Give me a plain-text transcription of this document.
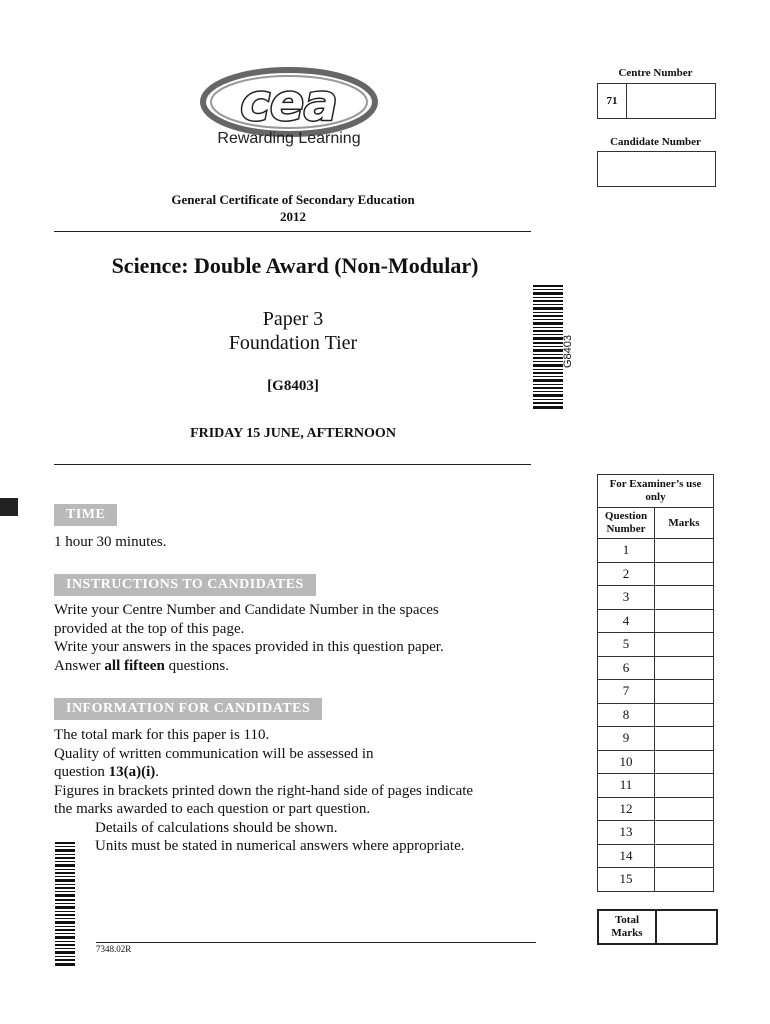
cea
Rewarding Learning
Centre Number
71
Candidate Number
General Certificate of Secondary Education
2012
Science: Double Award (Non-Modular)
Paper 3
Foundation Tier
[G8403]
FRIDAY 15 JUNE, AFTERNOON
G8403
TIME
1 hour 30 minutes.
INSTRUCTIONS TO CANDIDATES
Write your Centre Number and Candidate Number in the spaces
provided at the top of this page.
Write your answers in the spaces provided in this question paper.
Answer all fifteen questions.
INFORMATION FOR CANDIDATES
The total mark for this paper is 110.
Quality of written communication will be assessed in
question 13(a)(i).
Figures in brackets printed down the right-hand side of pages indicate
the marks awarded to each question or part question.
Details of calculations should be shown.
Units must be stated in numerical answers where appropriate.
For Examiner’s use only	
Question Number	Marks
1	
2	
3	
4	
5	
6	
7	
8	
9	
10	
11	
12	
13	
14	
15	
Total Marks
7348.02R
